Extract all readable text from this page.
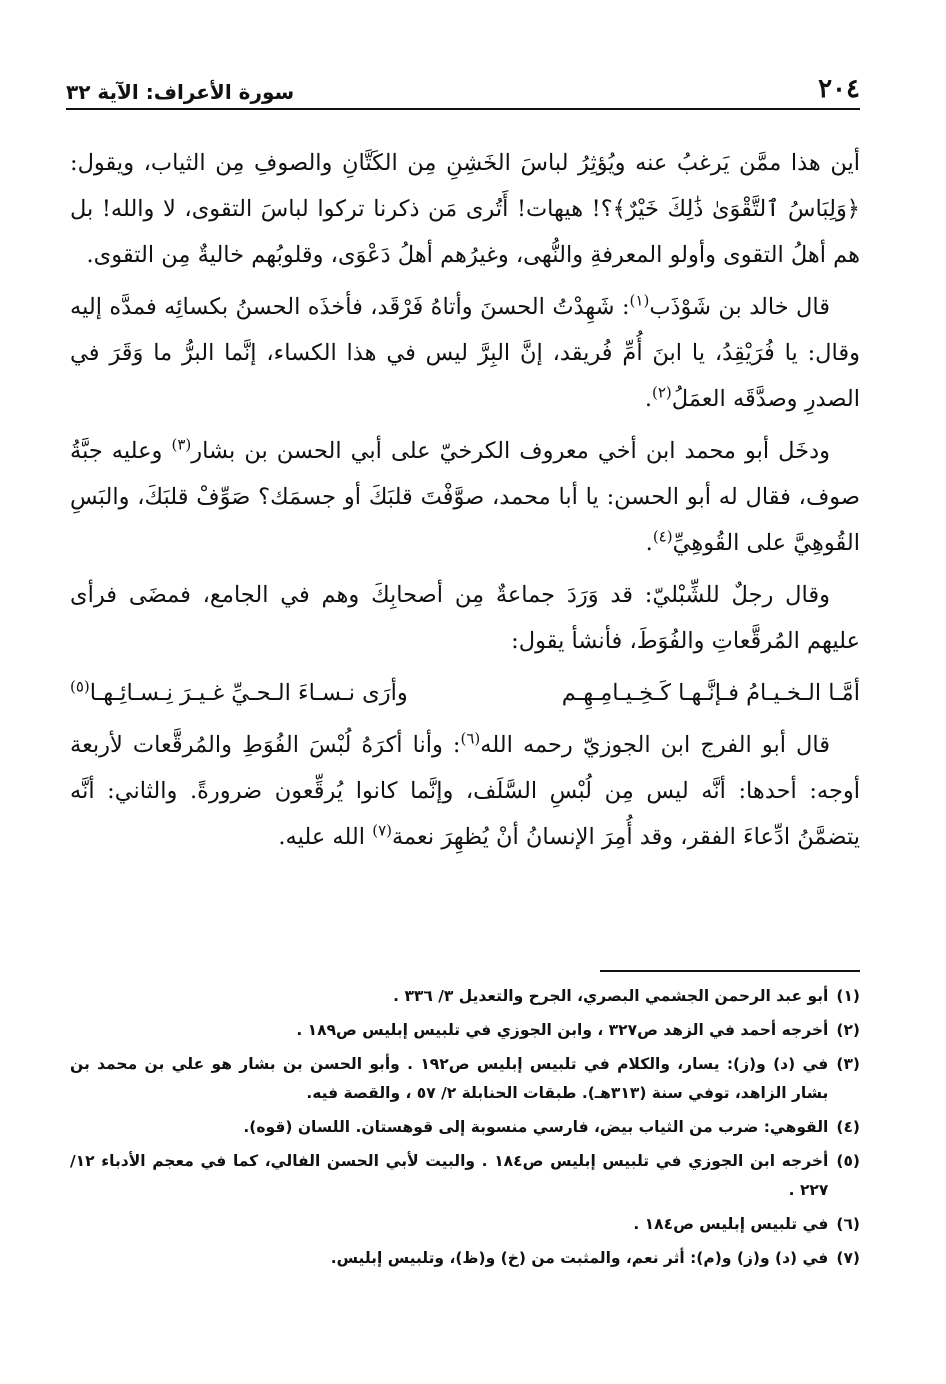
٢٠٤
سورة الأعراف: الآية ٣٢

أين هذا ممَّن يَرغبُ عنه ويُؤثِرُ لباسَ الخَشِنِ مِن الكَتَّانِ والصوفِ مِن الثياب، ويقول: ﴿وَلِبَاسُ ٱلتَّقْوَىٰ ذَٰلِكَ خَيْرٌ﴾؟! هيهات! أَتُرى مَن ذكرنا تركوا لباسَ التقوى، لا والله! بل هم أهلُ التقوى وأولو المعرفةِ والنُّهى، وغيرُهم أهلُ دَعْوَى، وقلوبُهم خاليةٌ مِن التقوى.

قال خالد بن شَوْذَب$^{(١)}$: شَهِدْتُ الحسنَ وأتاهُ فَرْقَد، فأخذَه الحسنُ بكسائِه فمدَّه إليه وقال: يا فُرَيْقِدُ، يا ابنَ أُمِّ فُريقد، إنَّ البِرَّ ليس في هذا الكساء، إنَّما البرُّ ما وَقَرَ في الصدرِ وصدَّقَه العمَلُ$^{(٢)}$.

ودخَل أبو محمد ابن أخي معروف الكرخيّ على أبي الحسن بن بشار$^{(٣)}$ وعليه جبَّةُ صوف، فقال له أبو الحسن: يا أبا محمد، صوَّفْتَ قلبَكَ أو جسمَك؟ صَوِّفْ قلبَكَ، والبَسِ القُوهِيَّ على القُوهِيِّ$^{(٤)}$.

وقال رجلٌ للشِّبْليّ: قد وَرَدَ جماعةٌ مِن أصحابِكَ وهم في الجامع، فمضَى فرأى عليهم المُرقَّعاتِ والفُوَطَ، فأنشأ يقول:

أمَّـا الـخـيـامُ فـإنَّـهـا كَـخِـيـامِـهِـم
وأرَى نـسـاءَ الـحـيِّ غـيـرَ نِـسـائِـهـا$^{(٥)}$

قال أبو الفرج ابن الجوزيّ رحمه الله$^{(٦)}$: وأنا أكرَهُ لُبْسَ الفُوَطِ والمُرقَّعات لأربعة أوجه: أحدها: أنَّه ليس مِن لُبْسِ السَّلَف، وإنَّما كانوا يُرقِّعون ضرورةً. والثاني: أنَّه يتضمَّنُ ادِّعاءَ الفقر، وقد أُمِرَ الإنسانُ أنْ يُظهِرَ نعمة$^{(٧)}$ الله عليه.

(١)
أبو عبد الرحمن الجشمي البصري، الجرح والتعديل ٣/ ٣٣٦ .
(٢)
أخرجه أحمد في الزهد ص٣٢٧ ، وابن الجوزي في تلبيس إبليس ص١٨٩ .
(٣)
في (د) و(ز): يسار، والكلام في تلبيس إبليس ص١٩٢ . وأبو الحسن بن بشار هو علي بن محمد بن بشار الزاهد، توفي سنة (٣١٣هـ). طبقات الحنابلة ٢/ ٥٧ ، والقصة فيه.
(٤)
القوهي: ضرب من الثياب بيض، فارسي منسوبة إلى قوهستان. اللسان (قوه).
(٥)
أخرجه ابن الجوزي في تلبيس إبليس ص١٨٤ . والبيت لأبي الحسن الفالي، كما في معجم الأدباء ١٢/ ٢٢٧ .
(٦)
في تلبيس إبليس ص١٨٤ .
(٧)
في (د) و(ز) و(م): أثر نعم، والمثبت من (خ) و(ظ)، وتلبيس إبليس.
